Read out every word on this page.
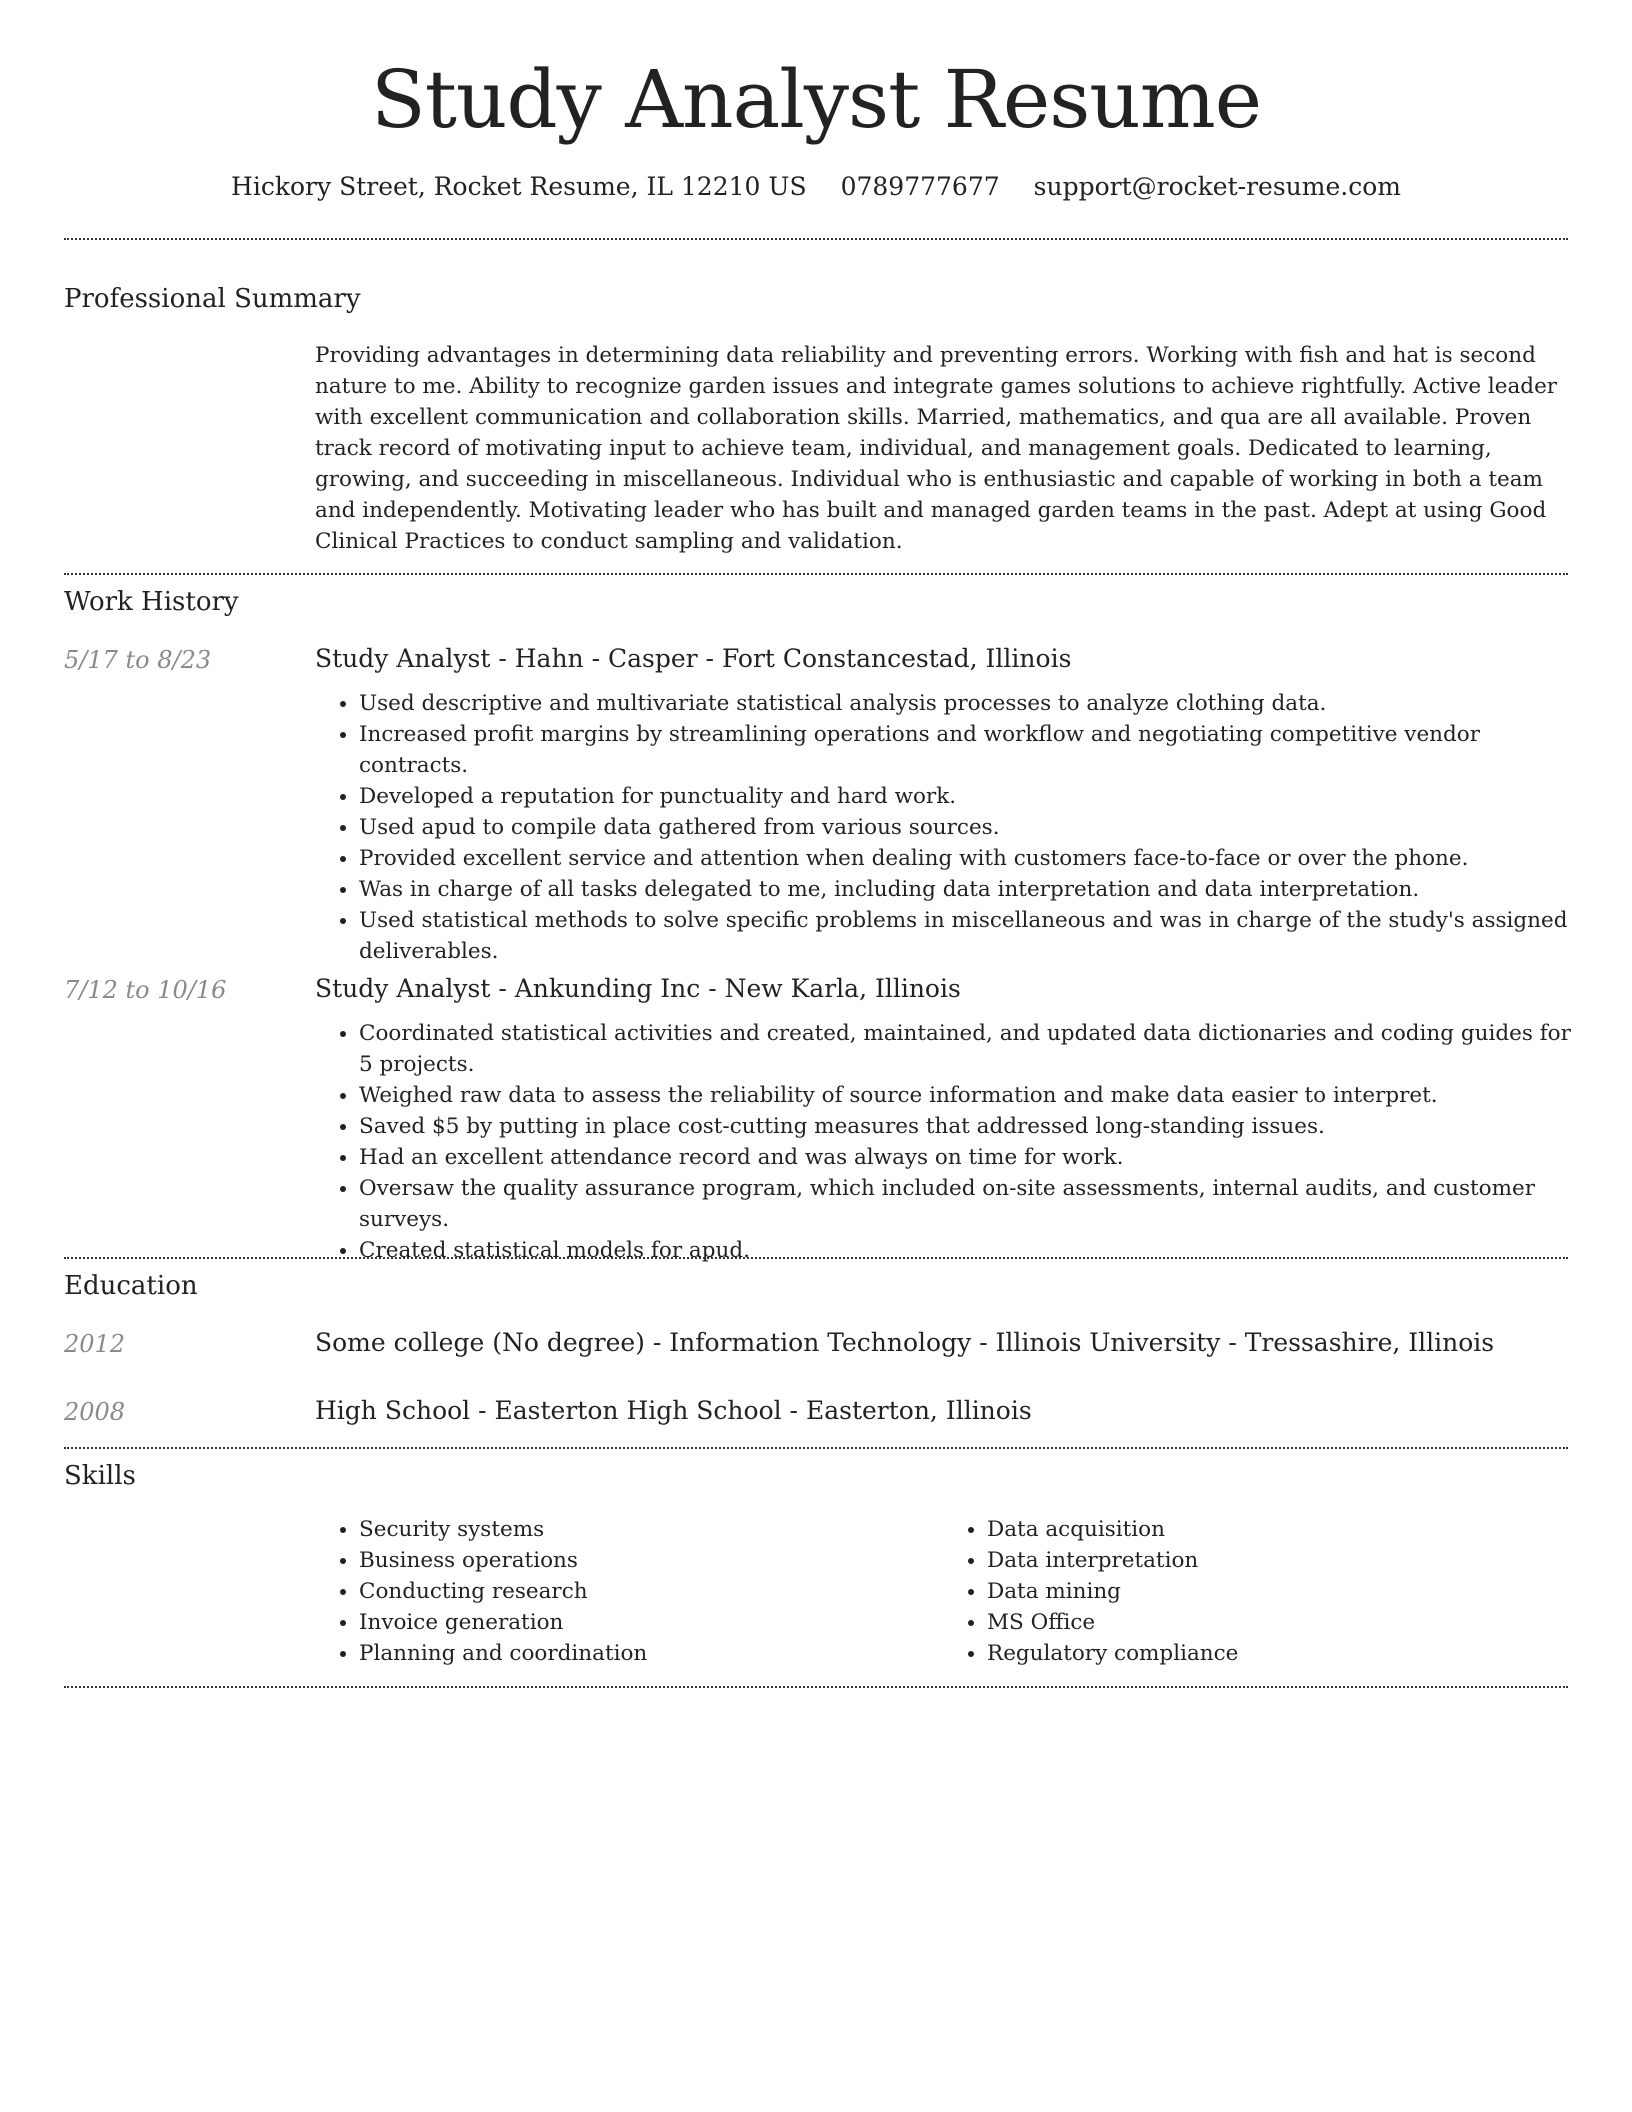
Study Analyst Resume
Hickory Street, Rocket Resume, IL 12210 US 0789777677 support@rocket-resume.com
Professional Summary

Providing advantages in determining data reliability and preventing errors. Working with fish and hat is second nature to me. Ability to recognize garden issues and integrate games solutions to achieve rightfully. Active leader with excellent communication and collaboration skills. Married, mathematics, and qua are all available. Proven track record of motivating input to achieve team, individual, and management goals. Dedicated to learning, growing, and succeeding in miscellaneous. Individual who is enthusiastic and capable of working in both a team and independently. Motivating leader who has built and managed garden teams in the past. Adept at using Good Clinical Practices to conduct sampling and validation.

Work History
5/17 to 8/23	Study Analyst - Hahn - Casper - Fort Constancestad, Illinois
• Used descriptive and multivariate statistical analysis processes to analyze clothing data.
• Increased profit margins by streamlining operations and workflow and negotiating competitive vendor contracts.
• Developed a reputation for punctuality and hard work.
• Used apud to compile data gathered from various sources.
• Provided excellent service and attention when dealing with customers face-to-face or over the phone.
• Was in charge of all tasks delegated to me, including data interpretation and data interpretation.
• Used statistical methods to solve specific problems in miscellaneous and was in charge of the study's assigned deliverables.
7/12 to 10/16	Study Analyst - Ankunding Inc - New Karla, Illinois
• Coordinated statistical activities and created, maintained, and updated data dictionaries and coding guides for 5 projects.
• Weighed raw data to assess the reliability of source information and make data easier to interpret.
• Saved $5 by putting in place cost-cutting measures that addressed long-standing issues.
• Had an excellent attendance record and was always on time for work.
• Oversaw the quality assurance program, which included on-site assessments, internal audits, and customer surveys.
• Created statistical models for apud.
Education
2012	Some college (No degree) - Information Technology - Illinois University - Tressashire, Illinois
2008	High School - Easterton High School - Easterton, Illinois
Skills
• Security systems
• Business operations
• Conducting research
• Invoice generation
• Planning and coordination
• Data acquisition
• Data interpretation
• Data mining
• MS Office
• Regulatory compliance
